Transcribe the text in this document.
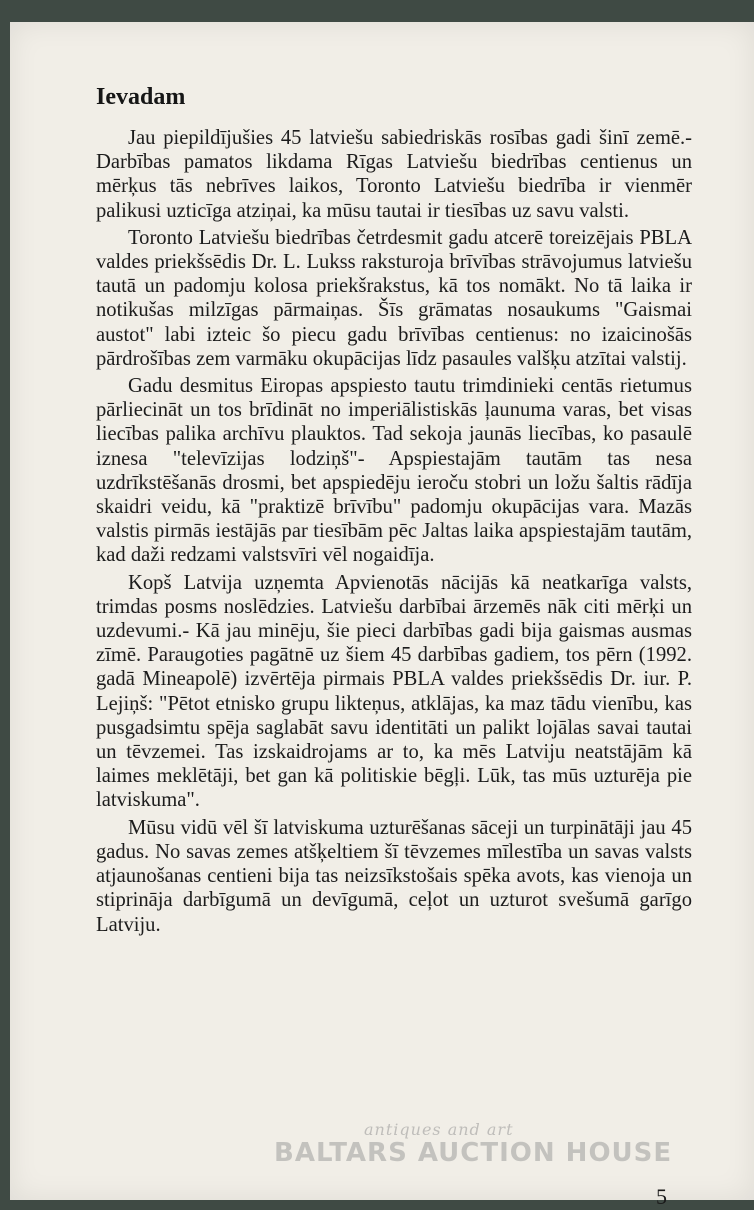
Ievadam

Jau piepildījušies 45 latviešu sabiedriskās rosības gadi šinī zemē.- Darbības pamatos likdama Rīgas Latviešu biedrības centienus un mērķus tās nebrīves laikos, Toronto Latviešu biedrība ir vienmēr palikusi uzticīga atziņai, ka mūsu tautai ir tiesības uz savu valsti.

Toronto Latviešu biedrības četrdesmit gadu atcerē toreizējais PBLA valdes priekšsēdis Dr. L. Lukss raksturoja brīvības strāvojumus latviešu tautā un padomju kolosa priekšrakstus, kā tos nomākt. No tā laika ir notikušas milzīgas pārmaiņas. Šīs grāmatas nosaukums "Gaismai austot" labi izteic šo piecu gadu brīvības centienus: no izaicinošās pārdrošības zem varmāku okupācijas līdz pasaules valšķu atzītai valstij.

Gadu desmitus Eiropas apspiesto tautu trimdinieki centās rietumus pārliecināt un tos brīdināt no imperiālistiskās ļaunuma varas, bet visas liecības palika archīvu plauktos. Tad sekoja jaunās liecības, ko pasaulē iznesa "televīzijas lodziņš"- Apspiestajām tautām tas nesa uzdrīkstēšanās drosmi, bet apspiedēju ieroču stobri un ložu šaltis rādīja skaidri veidu, kā "praktizē brīvību" padomju okupācijas vara. Mazās valstis pirmās iestājās par tiesībām pēc Jaltas laika apspiestajām tautām, kad daži redzami valstsvīri vēl nogaidīja.

Kopš Latvija uzņemta Apvienotās nācijās kā neatkarīga valsts, trimdas posms noslēdzies. Latviešu darbībai ārzemēs nāk citi mērķi un uzdevumi.- Kā jau minēju, šie pieci darbības gadi bija gaismas ausmas zīmē. Paraugoties pagātnē uz šiem 45 darbības gadiem, tos pērn (1992. gadā Mineapolē) izvērtēja pirmais PBLA valdes priekšsēdis Dr. iur. P. Lejiņš: "Pētot etnisko grupu likteņus, atklājas, ka maz tādu vienību, kas pusgadsimtu spēja saglabāt savu identitāti un palikt lojālas savai tautai un tēvzemei. Tas izskaidrojams ar to, ka mēs Latviju neatstājām kā laimes meklētāji, bet gan kā politiskie bēgļi. Lūk, tas mūs uzturēja pie latviskuma".

Mūsu vidū vēl šī latviskuma uzturēšanas sāceji un turpinātāji jau 45 gadus. No savas zemes atšķeltiem šī tēvzemes mīlestība un savas valsts atjaunošanas centieni bija tas neizsīkstošais spēka avots, kas vienoja un stiprināja darbīgumā un devīgumā, ceļot un uzturot svešumā garīgo Latviju.

antiques and art
BALTARS AUCTION HOUSE
5
